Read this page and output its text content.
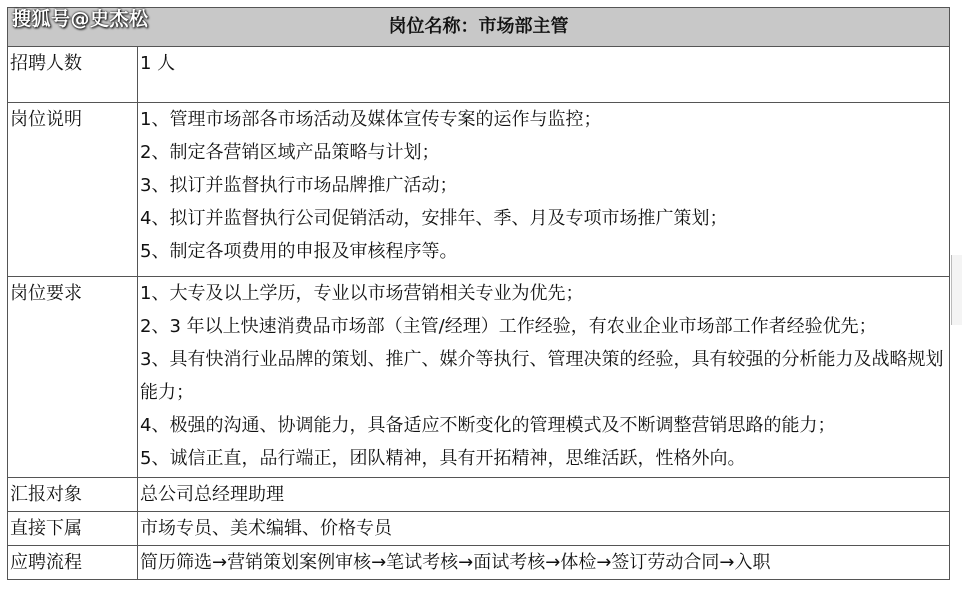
搜狐号@史杰松	岗位名称：市场部主管	
招聘人数	1 人

岗位说明	1、管理市场部各市场活动及媒体宣传专案的运作与监控；
2、制定各营销区域产品策略与计划；
3、拟订并监督执行市场品牌推广活动；
4、拟订并监督执行公司促销活动，安排年、季、月及专项市场推广策划；
5、制定各项费用的申报及审核程序等。

岗位要求	1、大专及以上学历，专业以市场营销相关专业为优先；
2、3 年以上快速消费品市场部（主管/经理）工作经验，有农业企业市场部工作者经验优先；
3、具有快消行业品牌的策划、推广、媒介等执行、管理决策的经验，具有较强的分析能力及战略规划能力；
4、极强的沟通、协调能力，具备适应不断变化的管理模式及不断调整营销思路的能力；
5、诚信正直，品行端正，团队精神，具有开拓精神，思维活跃，性格外向。

汇报对象	总公司总经理助理

直接下属	市场专员、美术编辑、价格专员

应聘流程	简历筛选→营销策划案例审核→笔试考核→面试考核→体检→签订劳动合同→入职
